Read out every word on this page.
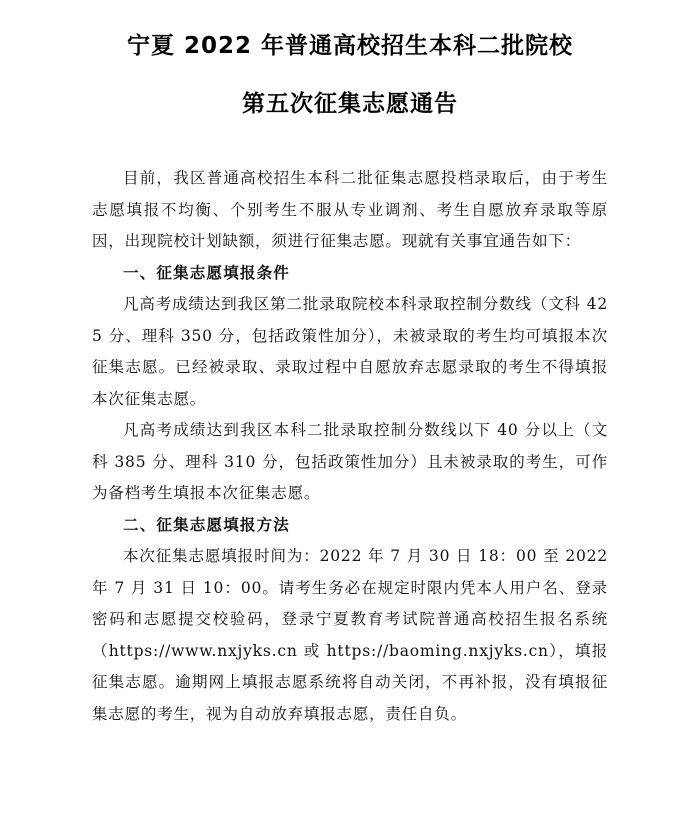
宁夏 2022 年普通高校招生本科二批院校
第五次征集志愿通告

目前，我区普通高校招生本科二批征集志愿投档录取后，由于考生志愿填报不均衡、个别考生不服从专业调剂、考生自愿放弃录取等原因，出现院校计划缺额，须进行征集志愿。现就有关事宜通告如下：

一、征集志愿填报条件

凡高考成绩达到我区第二批录取院校本科录取控制分数线（文科 425 分、理科 350 分，包括政策性加分），未被录取的考生均可填报本次征集志愿。已经被录取、录取过程中自愿放弃志愿录取的考生不得填报本次征集志愿。

凡高考成绩达到我区本科二批录取控制分数线以下 40 分以上（文科 385 分、理科 310 分，包括政策性加分）且未被录取的考生，可作为备档考生填报本次征集志愿。

二、征集志愿填报方法

本次征集志愿填报时间为：2022 年 7 月 30 日 18：00 至 2022 年 7 月 31 日 10：00。请考生务必在规定时限内凭本人用户名、登录密码和志愿提交校验码，登录宁夏教育考试院普通高校招生报名系统（https://www.nxjyks.cn 或 https://baoming.nxjyks.cn），填报征集志愿。逾期网上填报志愿系统将自动关闭，不再补报，没有填报征集志愿的考生，视为自动放弃填报志愿，责任自负。
